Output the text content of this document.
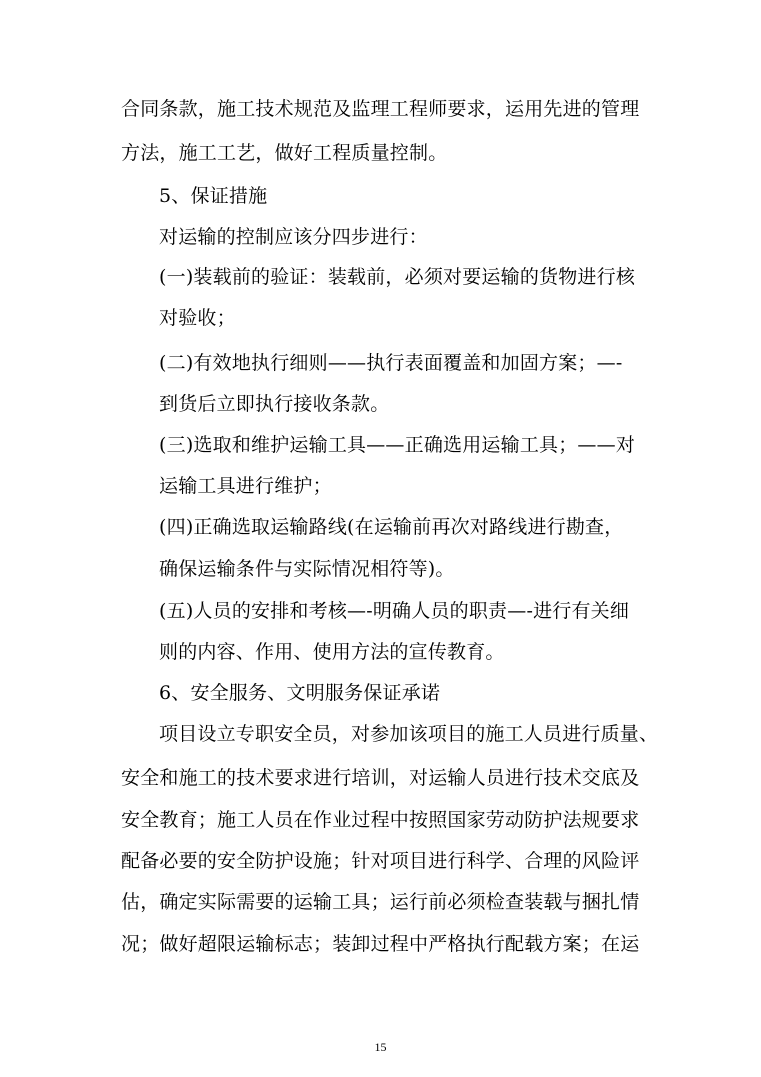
合同条款，施工技术规范及监理工程师要求，运用先进的管理
方法，施工工艺，做好工程质量控制。
5、保证措施
对运输的控制应该分四步进行：
(一)装载前的验证：装载前，必须对要运输的货物进行核
对验收；
(二)有效地执行细则——执行表面覆盖和加固方案；—-
到货后立即执行接收条款。
(三)选取和维护运输工具——正确选用运输工具；——对
运输工具进行维护；
(四)正确选取运输路线(在运输前再次对路线进行勘查，
确保运输条件与实际情况相符等)。
(五)人员的安排和考核—-明确人员的职责—-进行有关细
则的内容、作用、使用方法的宣传教育。
6、安全服务、文明服务保证承诺
项目设立专职安全员，对参加该项目的施工人员进行质量、
安全和施工的技术要求进行培训，对运输人员进行技术交底及
安全教育；施工人员在作业过程中按照国家劳动防护法规要求
配备必要的安全防护设施；针对项目进行科学、合理的风险评
估，确定实际需要的运输工具；运行前必须检查装载与捆扎情
况；做好超限运输标志；装卸过程中严格执行配载方案；在运
15
